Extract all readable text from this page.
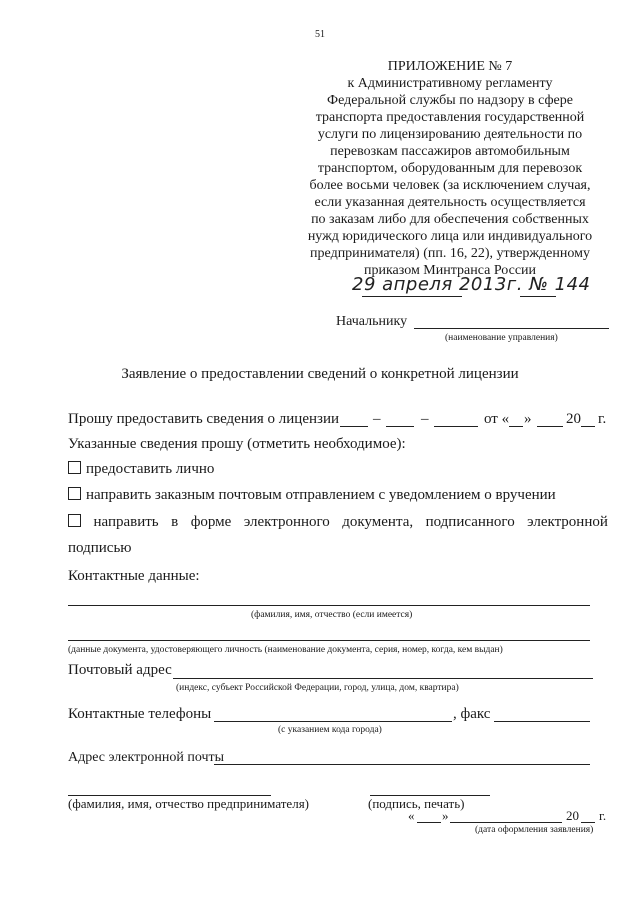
51
ПРИЛОЖЕНИЕ № 7
к Административному регламенту
Федеральной службы по надзору в сфере
транспорта предоставления государственной
услуги по лицензированию деятельности по
перевозкам пассажиров автомобильным
транспортом, оборудованным для перевозок
более восьми человек (за исключением случая,
если указанная деятельность осуществляется
по заказам либо для обеспечения собственных
нужд юридического лица или индивидуального
предпринимателя) (пп. 16, 22), утвержденному
приказом Минтранса России
29 апреля 2013г. № 144
Начальнику
(наименование управления)
Заявление о предоставлении сведений о конкретной лицензии
Прошу предоставить сведения о лицензии –	–	от « » 20 г.
Указанные сведения прошу (отметить необходимое):
предоставить лично
направить заказным почтовым отправлением с уведомлением о вручении
направить в форме электронного документа, подписанного электронной
подписью
Контактные данные:
(фамилия, имя, отчество (если имеется)
(данные документа, удостоверяющего личность (наименование документа, серия, номер, когда, кем выдан)
Почтовый адрес
(индекс, субъект Российской Федерации, город, улица, дом, квартира)
Контактные телефоны	, факс
(с указанием кода города)
Адрес электронной почты
(фамилия, имя, отчество предпринимателя)	(подпись, печать)
« »	20 г.
(дата оформления заявления)
